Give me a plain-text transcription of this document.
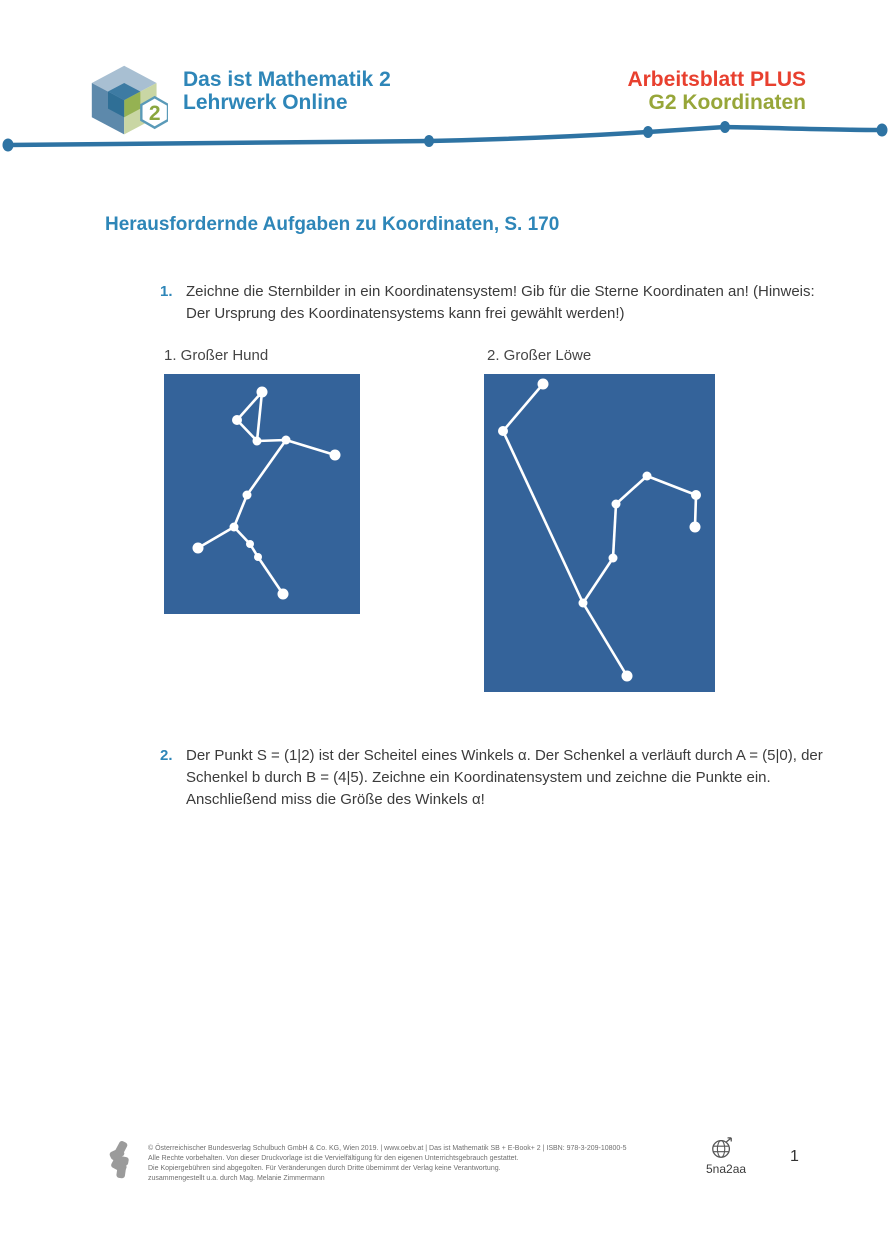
2
Das ist Mathematik 2
Lehrwerk Online
Arbeitsblatt PLUS
G2 Koordinaten
Herausfordernde Aufgaben zu Koordinaten, S. 170
1. Zeichne die Sternbilder in ein Koordinatensystem! Gib für die Sterne Koordinaten an! (Hinweis: Der Ursprung des Koordinatensystems kann frei gewählt werden!)
1. Großer Hund	2. Großer Löwe
2. Der Punkt S = (1|2) ist der Scheitel eines Winkels α. Der Schenkel a verläuft durch A = (5|0), der Schenkel b durch B = (4|5). Zeichne ein Koordinatensystem und zeichne die Punkte ein. Anschließend miss die Größe des Winkels α!
© Österreichischer Bundesverlag Schulbuch GmbH & Co. KG, Wien 2019. | www.oebv.at | Das ist Mathematik SB + E-Book+ 2 | ISBN: 978-3-209-10800-5
Alle Rechte vorbehalten. Von dieser Druckvorlage ist die Vervielfältigung für den eigenen Unterrichtsgebrauch gestattet.
Die Kopiergebühren sind abgegolten. Für Veränderungen durch Dritte übernimmt der Verlag keine Verantwortung.
zusammengestellt u.a. durch Mag. Melanie Zimmermann
5na2aa
1
